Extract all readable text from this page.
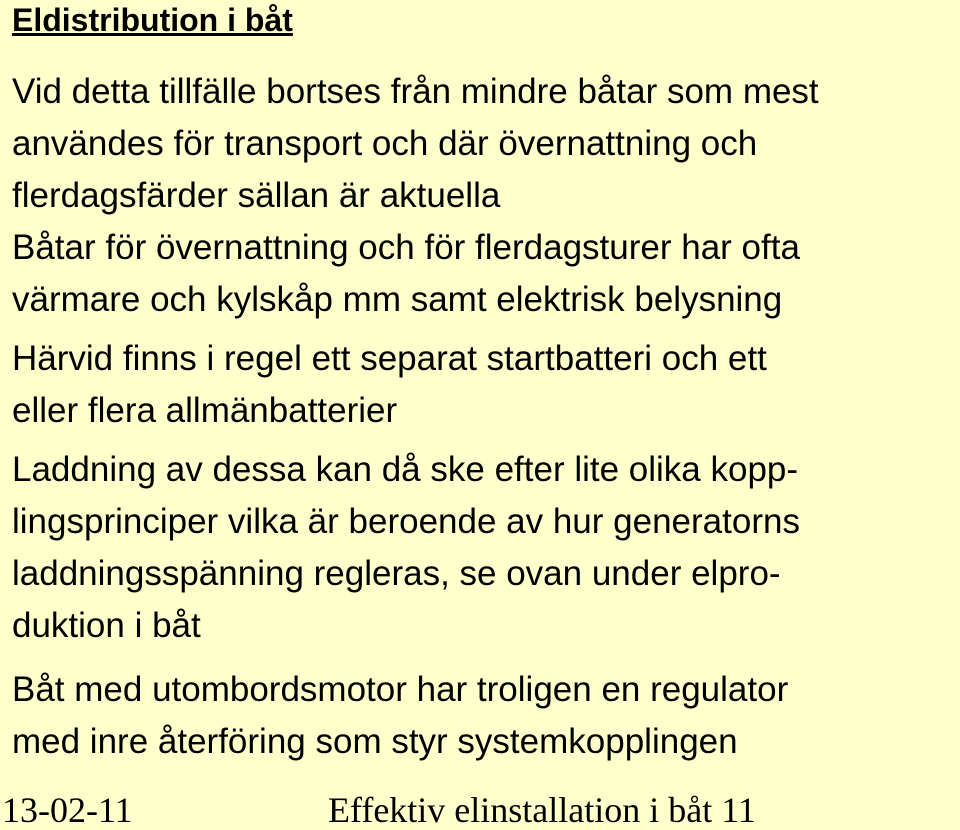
Eldistribution i båt
Vid detta tillfälle bortses från mindre båtar som mest
användes för transport och där övernattning och
flerdagsfärder sällan är aktuella
Båtar för övernattning och för flerdagsturer har ofta
värmare och kylskåp mm samt elektrisk belysning
Härvid finns i regel ett separat startbatteri och ett
eller flera allmänbatterier
Laddning av dessa kan då ske efter lite olika kopp-
lingsprinciper vilka är beroende av hur generatorns
laddningsspänning regleras, se ovan under elpro-
duktion i båt
Båt med utombordsmotor har troligen en regulator
med inre återföring som styr systemkopplingen
13-02-11	Effektiv elinstallation i båt 11
